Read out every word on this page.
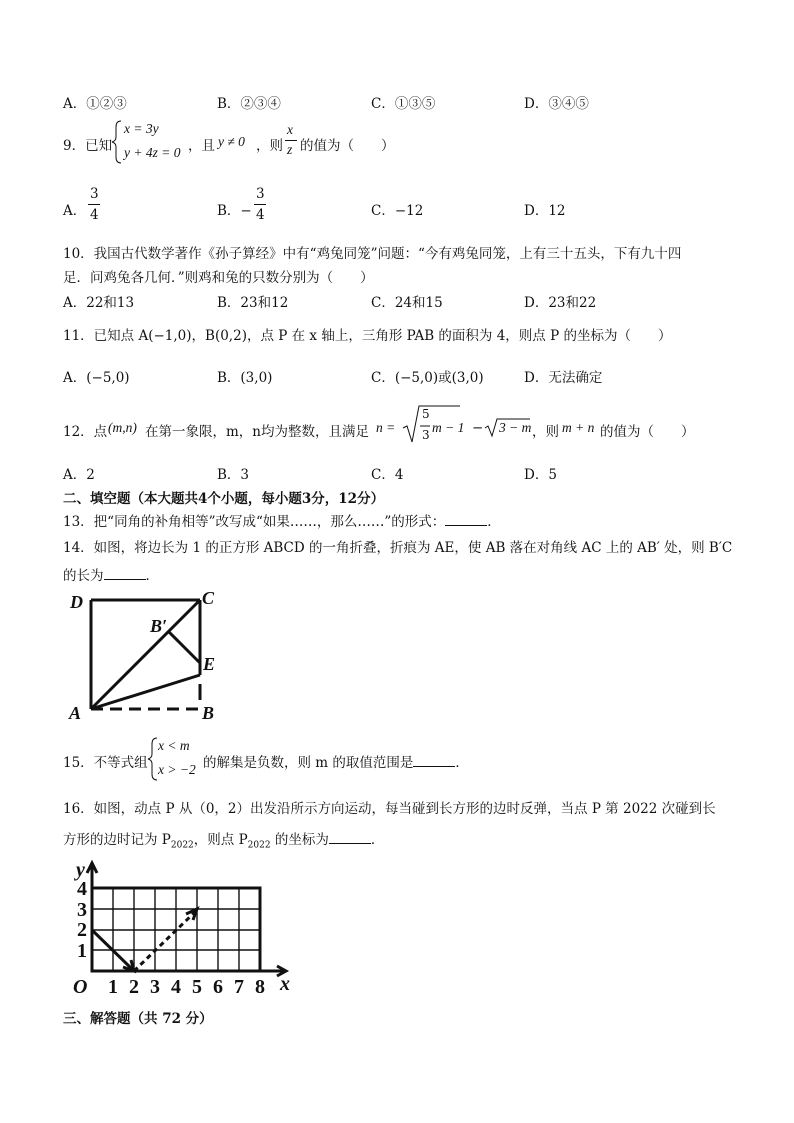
A．①②③	B．②③④	C．①③⑤	D．③④⑤
9．已知
x = 3y
y + 4z = 0 ，且 y ≠ 0 ，则
x
z 的值为（　　）
A．
3
4	B．−
3
4	C．−12	D．12
10．我国古代数学著作《孙子算经》中有“鸡兔同笼”问题：“今有鸡兔同笼，上有三十五头，下有九十四
足．问鸡兔各几何．”则鸡和兔的只数分别为（　　）
A．22和13	B．23和12	C．24和15	D．23和22
11．已知点 A(−1,0)，B(0,2)，点 P 在 x 轴上，三角形 PAB 的面积为 4，则点 P 的坐标为（　　）
A．(−5,0)	B．(3,0)	C．(−5,0)或(3,0)	D．无法确定
12．点 (m,n) 在第一象限，m，n均为整数，且满足 n =
5
3 m − 1 − 3 − m ，则 m + n 的值为（　　）
A．2	B．3	C．4	D．5
二、填空题（本大题共4个小题，每小题3分，12分）
13．把“同角的补角相等”改写成“如果……，那么……”的形式：	．
14．如图，将边长为 1 的正方形 ABCD 的一角折叠，折痕为 AE，使 AB 落在对角线 AC 上的 AB′ 处，则 B′C
的长为	．
D	C
B′
E
A	B
15．不等式组
x < m
x > −2 的解集是负数，则 m 的取值范围是	．
16．如图，动点 P 从（0，2）出发沿所示方向运动，每当碰到长方形的边时反弹，当点 P 第 2022 次碰到长
方形的边时记为 $P_{2022}$，则点 $P_{2022}$ 的坐标为	．
y
x
O
1
2
3
4
1 2 3 4 5 6 7 8
三、解答题（共 72 分）
